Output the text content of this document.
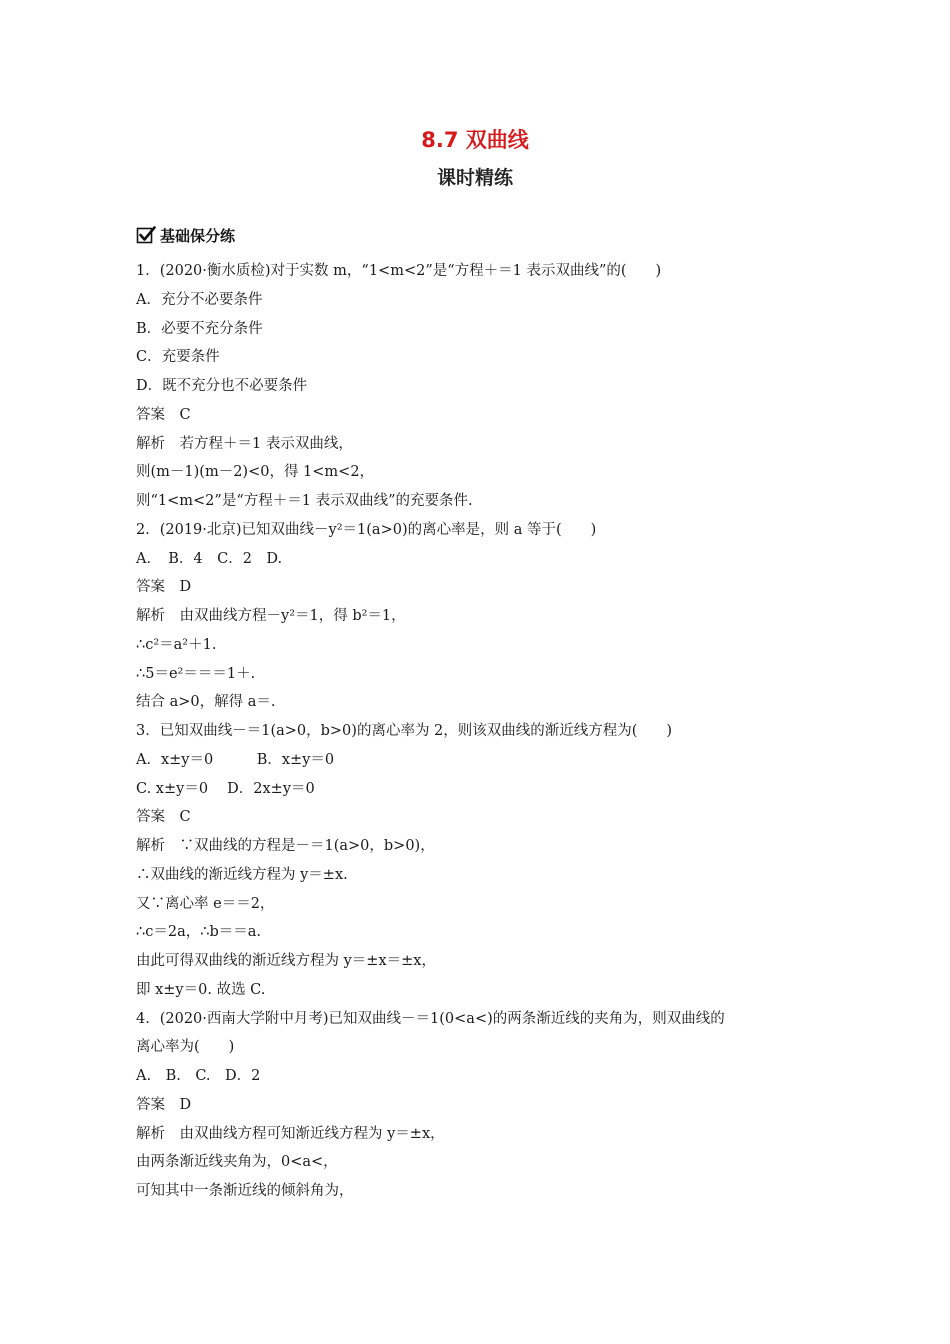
8.7 双曲线
课时精练
基础保分练
1．(2020·衡水质检)对于实数 m，“1<m<2”是“方程＋＝1 表示双曲线”的(　　)
A．充分不必要条件
B．必要不充分条件
C．充要条件
D．既不充分也不必要条件
答案　C
解析　若方程＋＝1 表示双曲线，
则(m－1)(m－2)<0，得 1<m<2，
则“1<m<2”是“方程＋＝1 表示双曲线”的充要条件.
2．(2019·北京)已知双曲线－y²＝1(a>0)的离心率是，则 a 等于(　　)
A．　B．4　C．2　D.
答案　D
解析　由双曲线方程－y²＝1，得 b²＝1，
∴c²＝a²＋1.
∴5＝e²＝＝＝1＋.
结合 a>0，解得 a＝.
3．已知双曲线－＝1(a>0，b>0)的离心率为 2，则该双曲线的渐近线方程为(　　)
A．x±y＝0　　　B．x±y＝0
C. x±y＝0　 D．2x±y＝0
答案　C
解析　∵双曲线的方程是－＝1(a>0，b>0)，
∴双曲线的渐近线方程为 y＝±x.
又∵离心率 e＝＝2，
∴c＝2a，∴b＝＝a.
由此可得双曲线的渐近线方程为 y＝±x＝±x，
即 x±y＝0. 故选 C.
4．(2020·西南大学附中月考)已知双曲线－＝1(0<a<)的两条渐近线的夹角为，则双曲线的
离心率为(　　)
A.　B.　C.　D．2
答案　D
解析　由双曲线方程可知渐近线方程为 y＝±x，
由两条渐近线夹角为，0<a<，
可知其中一条渐近线的倾斜角为，
